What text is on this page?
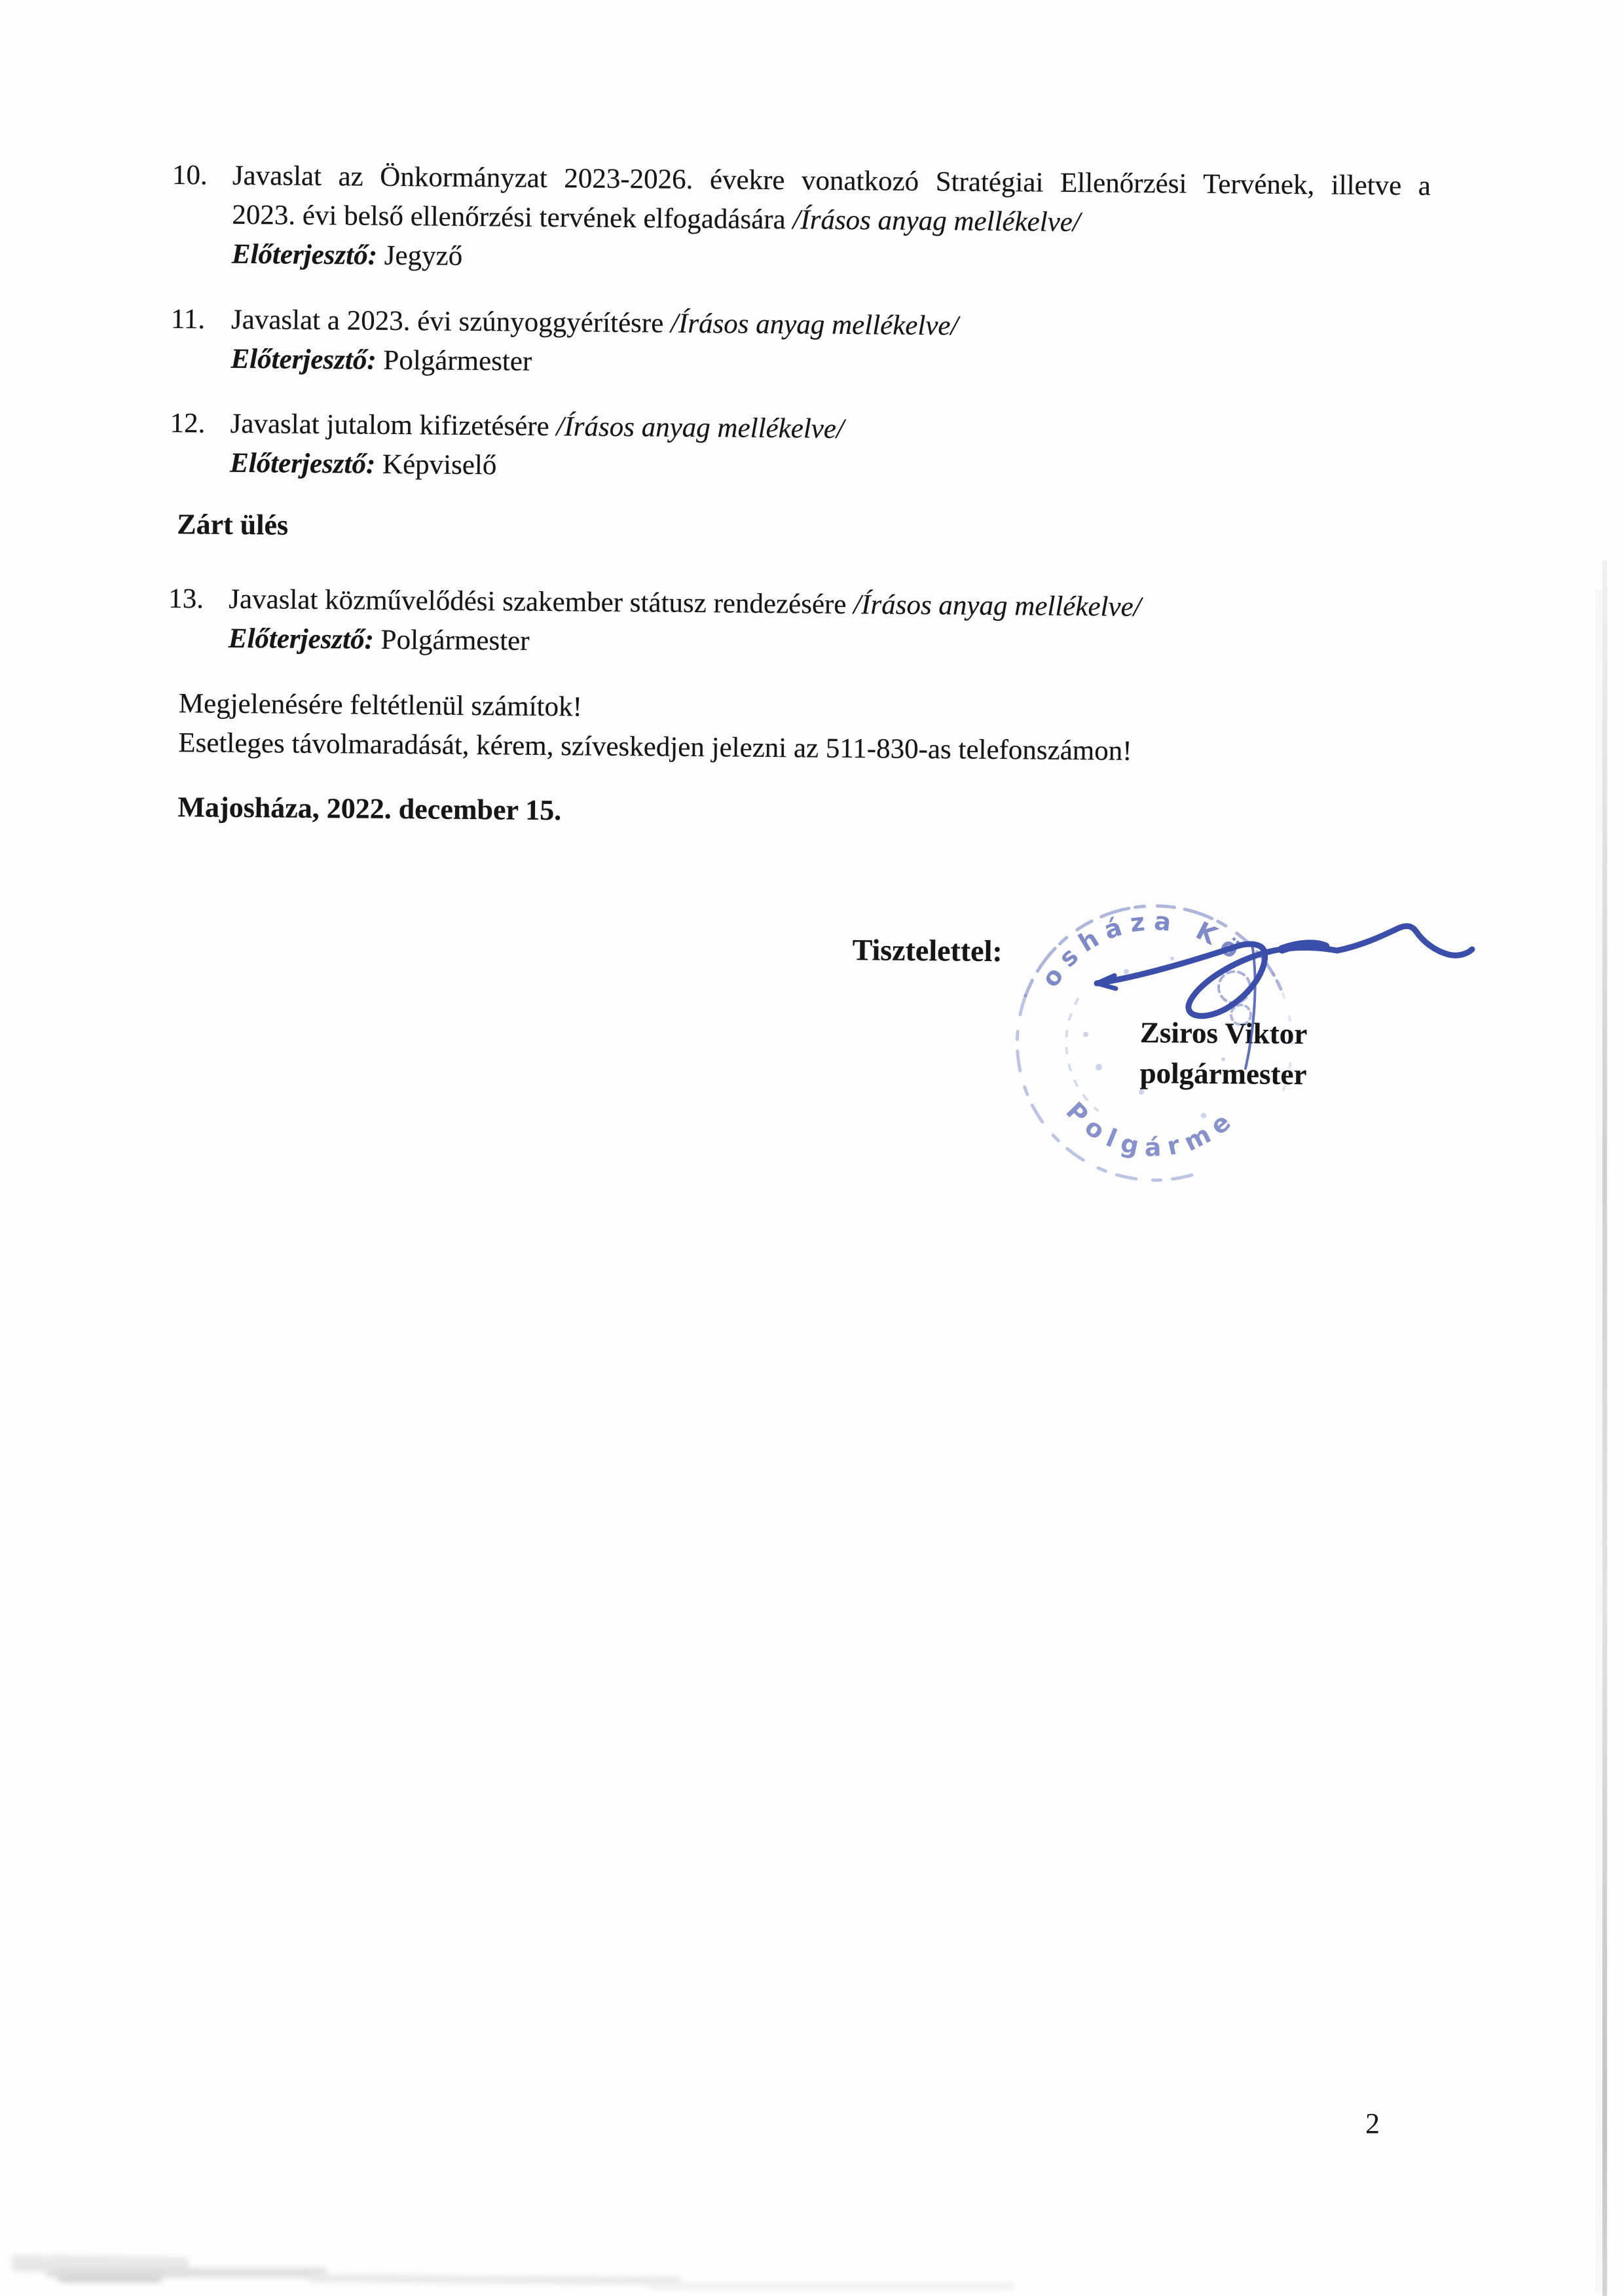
10. Javaslat az Önkormányzat 2023-2026. évekre vonatkozó Stratégiai Ellenőrzési Tervének, illetve a
2023. évi belső ellenőrzési tervének elfogadására /Írásos anyag mellékelve/
Előterjesztő: Jegyző
11. Javaslat a 2023. évi szúnyoggyérítésre /Írásos anyag mellékelve/
Előterjesztő: Polgármester
12. Javaslat jutalom kifizetésére /Írásos anyag mellékelve/
Előterjesztő: Képviselő
13. Javaslat közművelődési szakember státusz rendezésére /Írásos anyag mellékelve/
Előterjesztő: Polgármester
Zárt ülés
Megjelenésére feltétlenül számítok!
Esetleges távolmaradását, kérem, szíveskedjen jelezni az 511-830-as telefonszámon!
Majosháza, 2022. december 15.
Tisztelettel:
Zsiros Viktor
polgármester
osháza Kö
Polgárme
2
